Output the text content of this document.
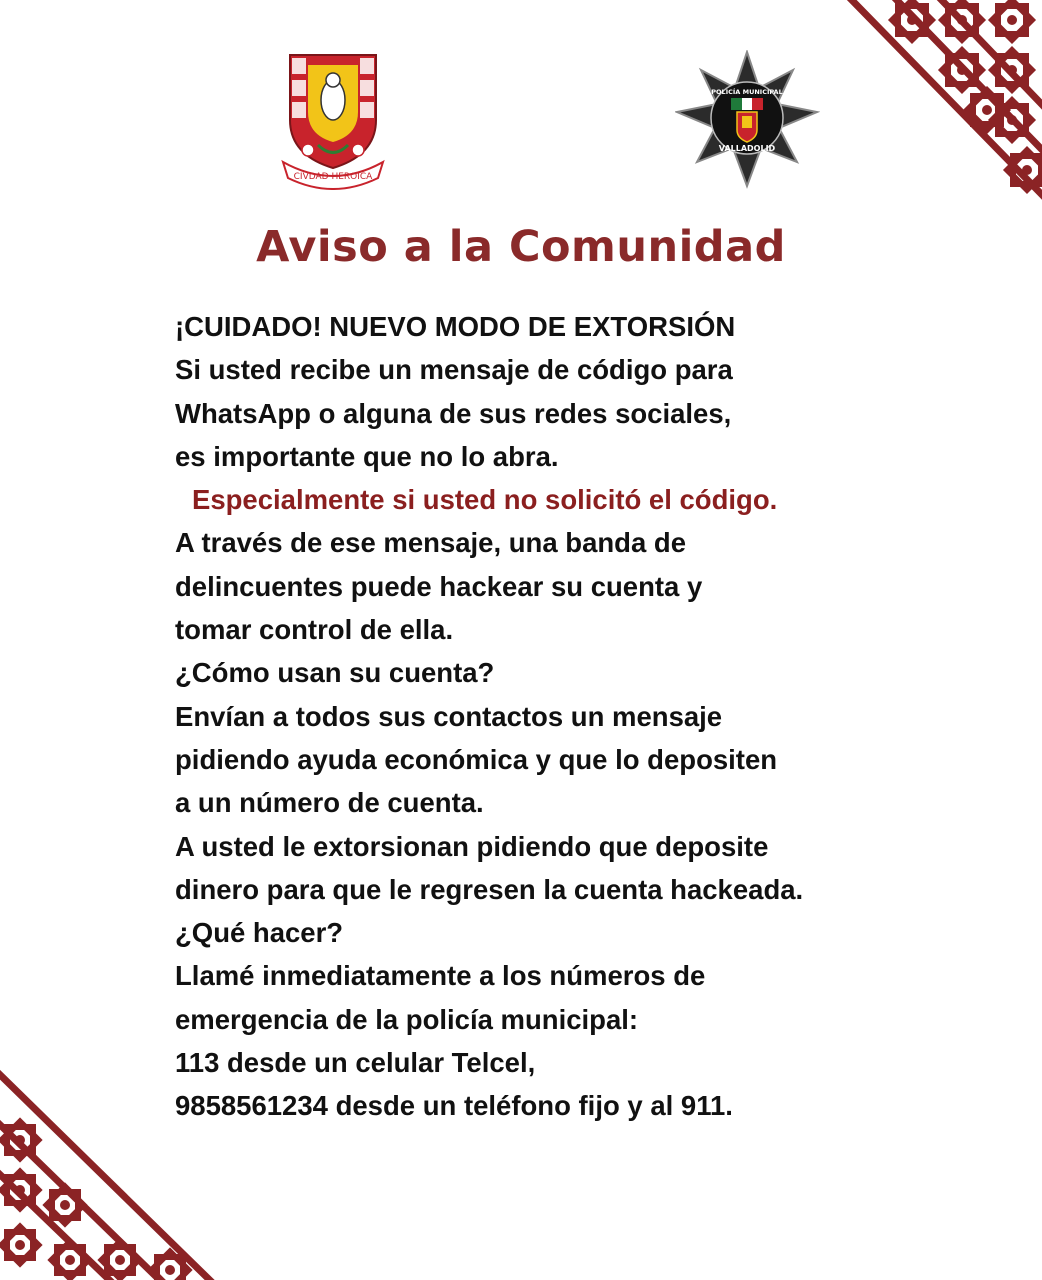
CIVDAD HEROICA
POLICÍA MUNICIPAL
VALLADOLID
Aviso a la Comunidad
¡CUIDADO! NUEVO MODO DE EXTORSIÓN
Si usted recibe un mensaje de código para
WhatsApp o alguna de sus redes sociales,
es importante que no lo abra.
Especialmente si usted no solicitó el código.
A través de ese mensaje, una banda de
delincuentes puede hackear su cuenta y
tomar control de ella.
¿Cómo usan su cuenta?
Envían a todos sus contactos un mensaje
pidiendo ayuda económica y que lo depositen
a un número de cuenta.
A usted le extorsionan pidiendo que deposite
dinero para que le regresen la cuenta hackeada.
¿Qué hacer?
Llamé inmediatamente a los números de
emergencia de la policía municipal:
113 desde un celular Telcel,
9858561234 desde un teléfono fijo y al 911.
